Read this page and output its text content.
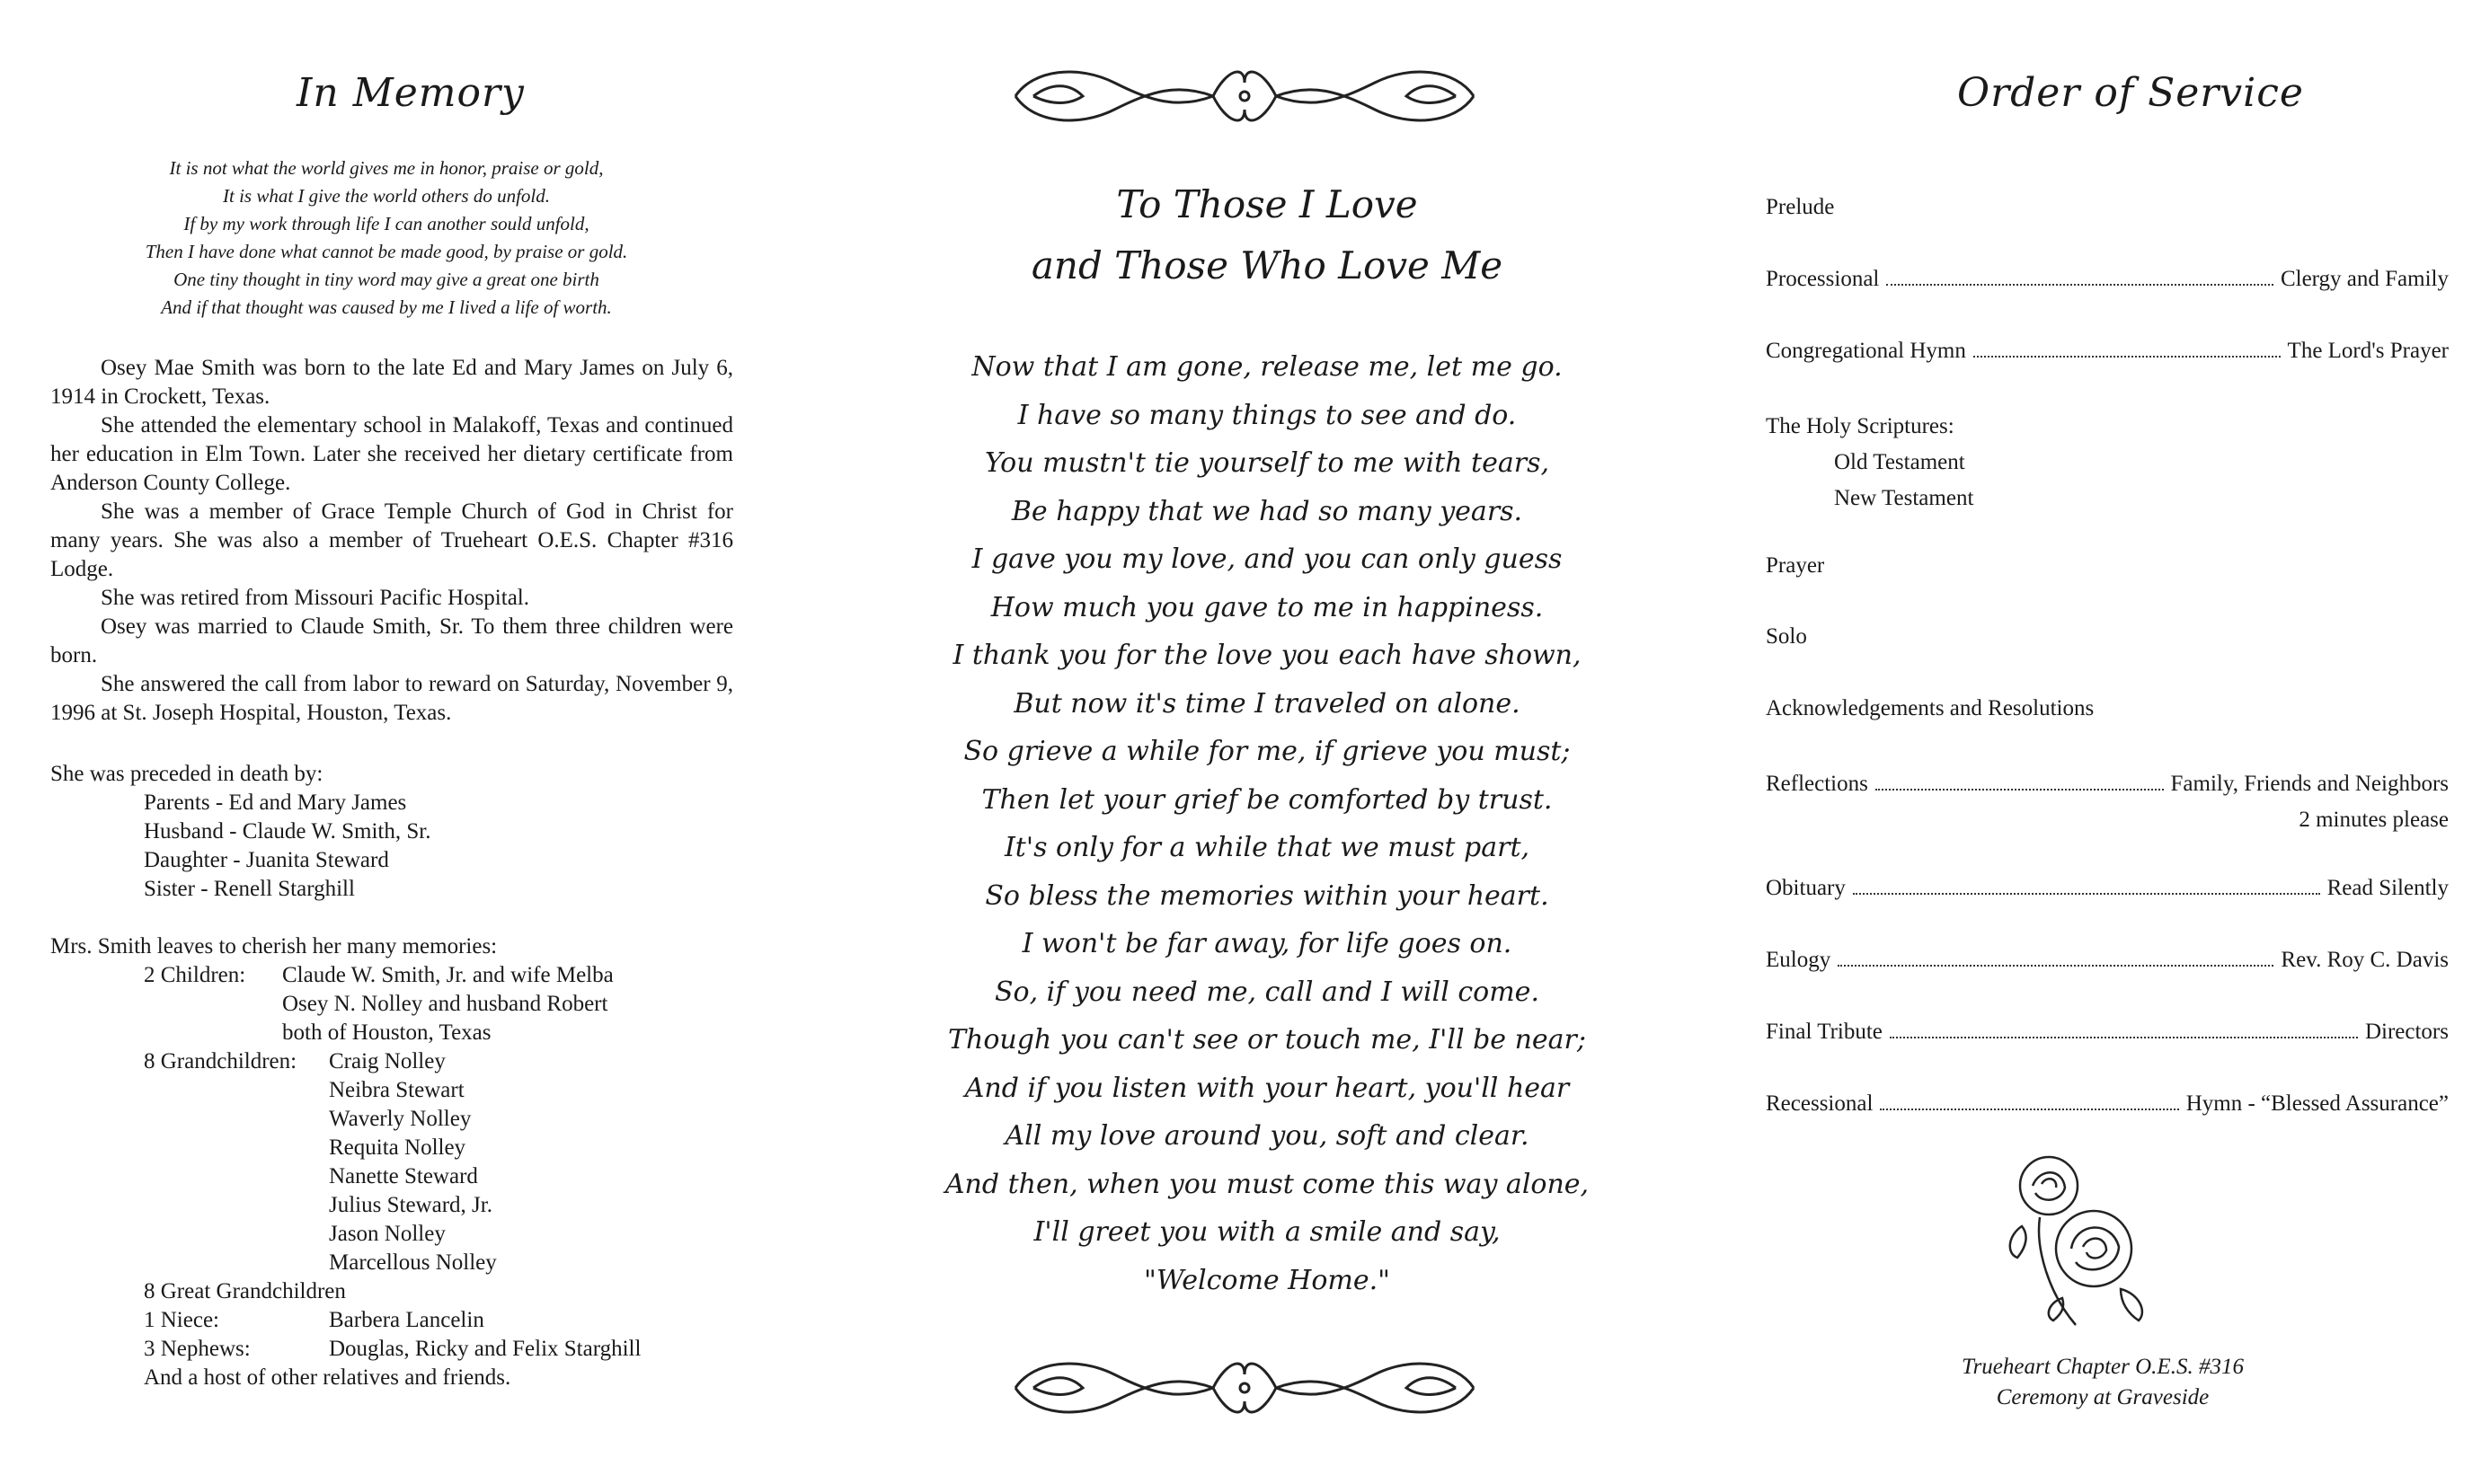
In Memory
It is not what the world gives me in honor, praise or gold,
It is what I give the world others do unfold.
If by my work through life I can another sould unfold,
Then I have done what cannot be made good, by praise or gold.
One tiny thought in tiny word may give a great one birth
And if that thought was caused by me I lived a life of worth.

Osey Mae Smith was born to the late Ed and Mary James on July 6, 1914 in Crockett, Texas.

She attended the elementary school in Malakoff, Texas and continued her education in Elm Town. Later she received her dietary certificate from Anderson County College.

She was a member of Grace Temple Church of God in Christ for many years. She was also a member of Trueheart O.E.S. Chapter #316 Lodge.

She was retired from Missouri Pacific Hospital.

Osey was married to Claude Smith, Sr. To them three children were born.

She answered the call from labor to reward on Saturday, November 9, 1996 at St. Joseph Hospital, Houston, Texas.

She was preceded in death by:
Parents - Ed and Mary James
Husband - Claude W. Smith, Sr.
Daughter - Juanita Steward
Sister - Renell Starghill
Mrs. Smith leaves to cherish her many memories:
2 Children: Claude W. Smith, Jr. and wife Melba
Osey N. Nolley and husband Robert
both of Houston, Texas
8 Grandchildren: Craig Nolley
Neibra Stewart
Waverly Nolley
Requita Nolley
Nanette Steward
Julius Steward, Jr.
Jason Nolley
Marcellous Nolley
8 Great Grandchildren
1 Niece:	Barbera Lancelin
3 Nephews:	Douglas, Ricky and Felix Starghill
And a host of other relatives and friends.
To Those I Love
and Those Who Love Me
Now that I am gone, release me, let me go.
I have so many things to see and do.
You mustn't tie yourself to me with tears,
Be happy that we had so many years.
I gave you my love, and you can only guess
How much you gave to me in happiness.
I thank you for the love you each have shown,
But now it's time I traveled on alone.
So grieve a while for me, if grieve you must;
Then let your grief be comforted by trust.
It's only for a while that we must part,
So bless the memories within your heart.
I won't be far away, for life goes on.
So, if you need me, call and I will come.
Though you can't see or touch me, I'll be near;
And if you listen with your heart, you'll hear
All my love around you, soft and clear.
And then, when you must come this way alone,
I'll greet you with a smile and say,
"Welcome Home."
Order of Service
Prelude
Processional	Clergy and Family
Congregational Hymn	The Lord's Prayer
The Holy Scriptures:
Old Testament
New Testament
Prayer
Solo
Acknowledgements and Resolutions
Reflections	Family, Friends and Neighbors
2 minutes please
Obituary	Read Silently
Eulogy	Rev. Roy C. Davis
Final Tribute	Directors
Recessional	Hymn - “Blessed Assurance”
Trueheart Chapter O.E.S. #316
Ceremony at Graveside
